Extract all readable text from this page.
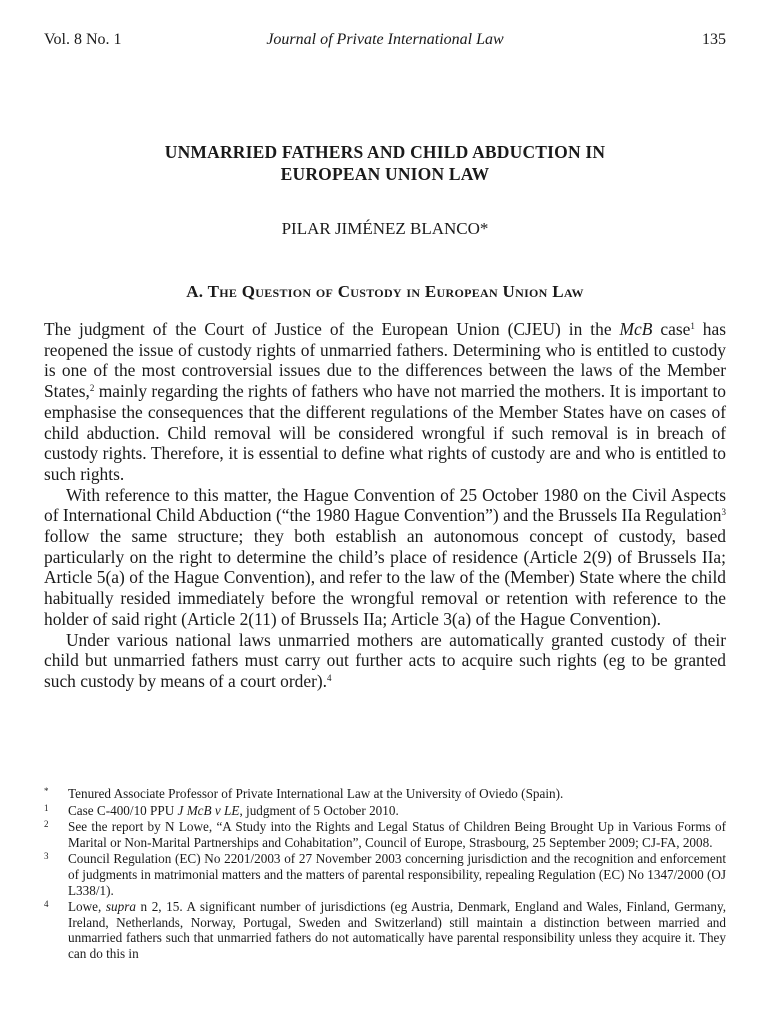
Vol. 8 No. 1	Journal of Private International Law	135
UNMARRIED FATHERS AND CHILD ABDUCTION IN
EUROPEAN UNION LAW
PILAR JIMÉNEZ BLANCO*
A. The Question of Custody in European Union Law

The judgment of the Court of Justice of the European Union (CJEU) in the McB case$^1$ has reopened the issue of custody rights of unmarried fathers. Determining who is entitled to custody is one of the most controversial issues due to the differences between the laws of the Member States,$^2$ mainly regarding the rights of fathers who have not married the mothers. It is important to emphasise the consequences that the different regulations of the Member States have on cases of child abduction. Child removal will be considered wrongful if such removal is in breach of custody rights. Therefore, it is essential to define what rights of custody are and who is entitled to such rights.

With reference to this matter, the Hague Convention of 25 October 1980 on the Civil Aspects of International Child Abduction (“the 1980 Hague Convention”) and the Brussels IIa Regulation$^3$ follow the same structure; they both establish an autonomous concept of custody, based particularly on the right to determine the child’s place of residence (Article 2(9) of Brussels IIa; Article 5(a) of the Hague Convention), and refer to the law of the (Member) State where the child habitually resided immediately before the wrongful removal or retention with reference to the holder of said right (Article 2(11) of Brussels IIa; Article 3(a) of the Hague Convention).

Under various national laws unmarried mothers are automatically granted custody of their child but unmarried fathers must carry out further acts to acquire such rights (eg to be granted such custody by means of a court order).$^4$

* Tenured Associate Professor of Private International Law at the University of Oviedo (Spain).
1 Case C-400/10 PPU J McB v LE, judgment of 5 October 2010.
2 See the report by N Lowe, “A Study into the Rights and Legal Status of Children Being Brought Up in Various Forms of Marital or Non-Marital Partnerships and Cohabitation”, Council of Europe, Strasbourg, 25 September 2009; CJ-FA, 2008.
3 Council Regulation (EC) No 2201/2003 of 27 November 2003 concerning jurisdiction and the recognition and enforcement of judgments in matrimonial matters and the matters of parental responsibility, repealing Regulation (EC) No 1347/2000 (OJ L338/1).
4 Lowe, supra n 2, 15. A significant number of jurisdictions (eg Austria, Denmark, England and Wales, Finland, Germany, Ireland, Netherlands, Norway, Portugal, Sweden and Switzerland) still maintain a distinction between married and unmarried fathers such that unmarried fathers do not automatically have parental responsibility unless they acquire it. They can do this in
